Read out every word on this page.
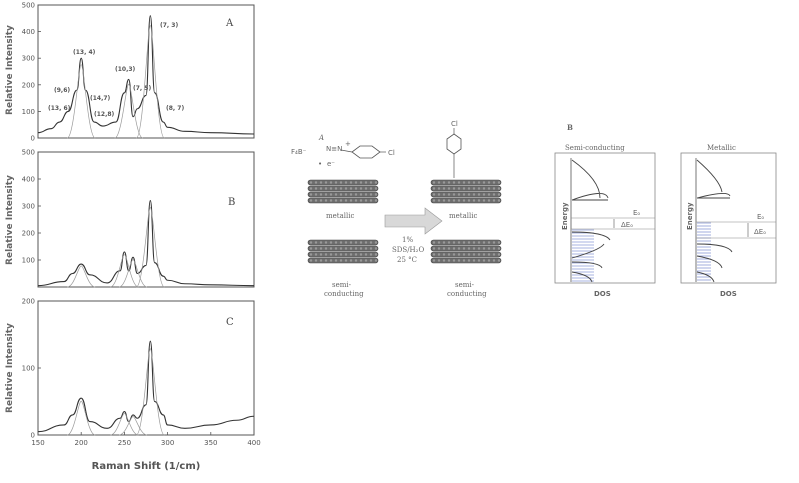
0
100
200
300
400
500
A
(13, 4)
(9,6)
(13, 6)
(14,7)
(12,8)
(10,3)
(7, 5)
(7, 3)
(8, 7)
100
200
300
400
500
B
0
100
200
C
150	200	250	300	350	400
Relative Intensity
Relative Intensity
Relative Intensity
Raman Shift (1/cm)
A
F₄B⁻	N≡N
+
Cl
• e⁻
metallic
semi-
conducting
1%
SDS/H₂O
25 °C
Cl
metallic
semi-
conducting
B
Semi-conducting
Eₒ
ΔEₒ
Energy
DOS
Metallic
Eₒ
ΔEₒ
Energy
DOS
